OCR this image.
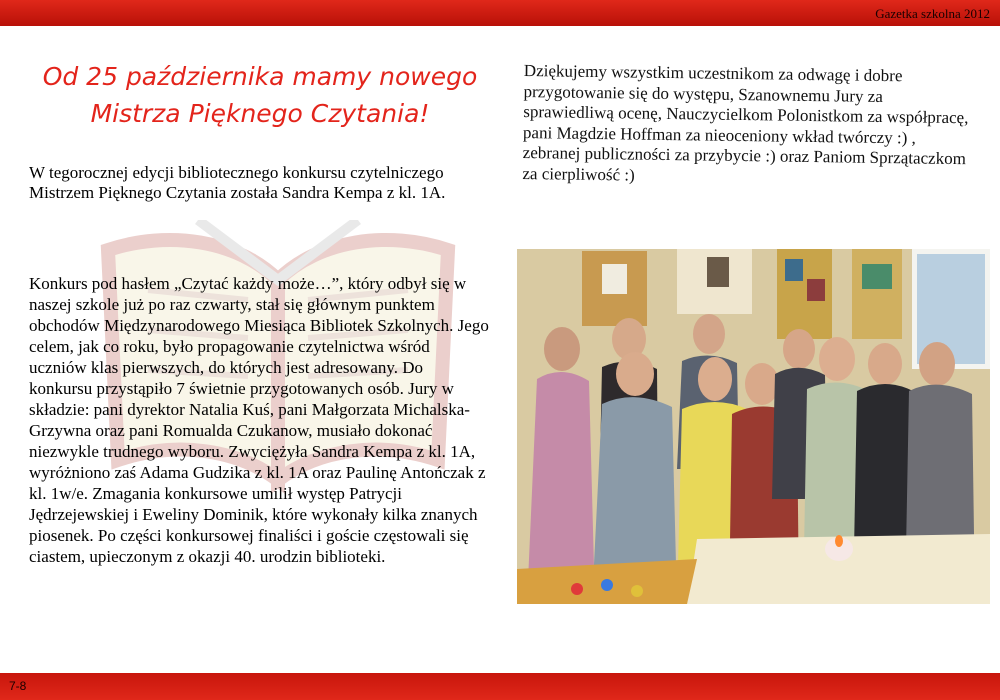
Gazetka szkolna 2012
Od 25 października mamy nowego
Mistrza Pięknego Czytania!
W tegorocznej edycji bibliotecznego konkursu czytelniczego Mistrzem Pięknego Czytania została Sandra Kempa z kl. 1A.
Konkurs pod hasłem „Czytać każdy może…”, który odbył się w naszej szkole już po raz czwarty, stał się głównym punktem obchodów Międzynarodowego Miesiąca Bibliotek Szkolnych. Jego celem, jak co roku, było propagowanie czytelnictwa wśród uczniów klas pierwszych, do których jest adresowany. Do konkursu przystąpiło 7 świetnie przygotowanych osób. Jury w składzie: pani dyrektor Natalia Kuś, pani Małgorzata Michalska-Grzywna oraz pani Romualda Czukanow, musiało dokonać niezwykle trudnego wyboru. Zwyciężyła Sandra Kempa z kl. 1A, wyróżniono zaś Adama Gudzika z kl. 1A oraz Paulinę Antończak z kl. 1w/e. Zmagania konkursowe umilił występ Patrycji Jędrzejewskiej i Eweliny Dominik, które wykonały kilka znanych piosenek. Po części konkursowej finaliści i goście częstowali się ciastem, upieczonym z okazji 40. urodzin biblioteki.
Dziękujemy wszystkim uczestnikom za odwagę i dobre przygotowanie się do występu, Szanownemu Jury za sprawiedliwą ocenę, Nauczycielkom Polonistkom za współpracę, pani Magdzie Hoffman za nieoceniony wkład twórczy :) , zebranej publiczności za przybycie :) oraz Paniom Sprzątaczkom za cierpliwość :)
7-8
